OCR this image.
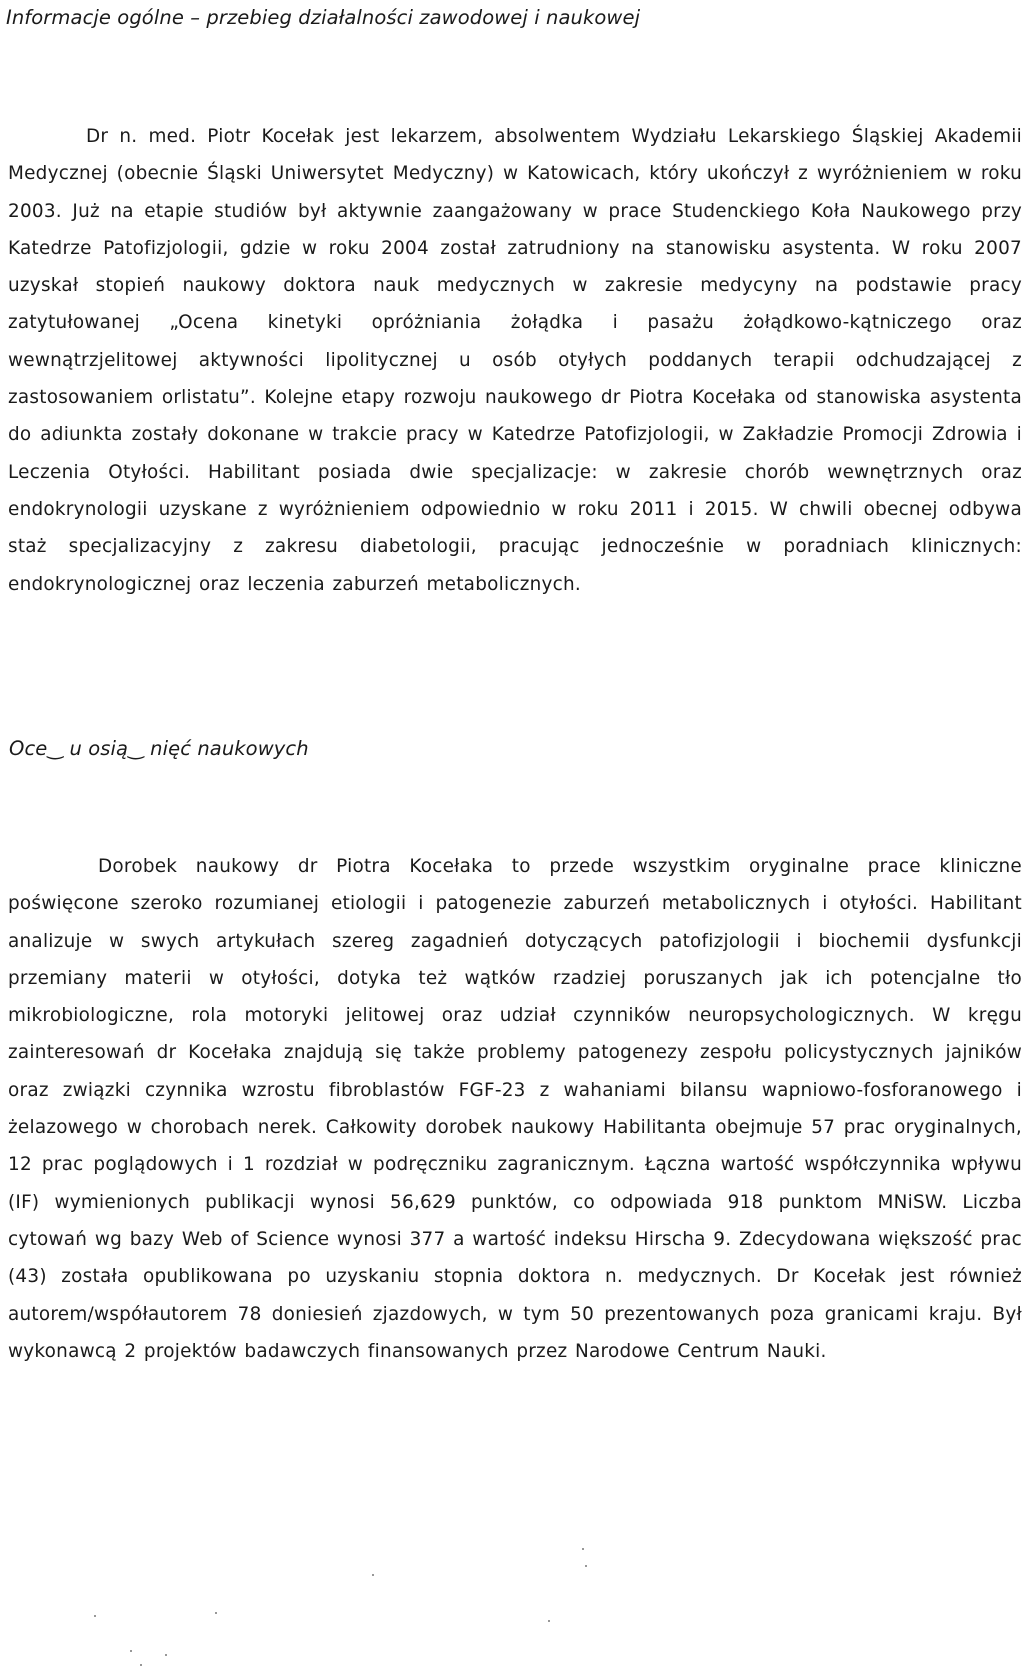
Informacje ogólne – przebieg działalności zawodowej i naukowej

Dr n. med. Piotr Kocełak jest lekarzem, absolwentem Wydziału Lekarskiego Śląskiej Akademii Medycznej (obecnie Śląski Uniwersytet Medyczny) w Katowicach, który ukończył z wyróżnieniem w roku 2003. Już na etapie studiów był aktywnie zaangażowany w prace Studenckiego Koła Naukowego przy Katedrze Patofizjologii, gdzie w roku 2004 został zatrudniony na stanowisku asystenta. W roku 2007 uzyskał stopień naukowy doktora nauk medycznych w zakresie medycyny na podstawie pracy zatytułowanej „Ocena kinetyki opróżniania żołądka i pasażu żołądkowo-kątniczego oraz wewnątrzjelitowej aktywności lipolitycznej u osób otyłych poddanych terapii odchudzającej z zastosowaniem orlistatu”. Kolejne etapy rozwoju naukowego dr Piotra Kocełaka od stanowiska asystenta do adiunkta zostały dokonane w trakcie pracy w Katedrze Patofizjologii, w Zakładzie Promocji Zdrowia i Leczenia Otyłości. Habilitant posiada dwie specjalizacje: w zakresie chorób wewnętrznych oraz endokrynologii uzyskane z wyróżnieniem odpowiednio w roku 2011 i 2015. W chwili obecnej odbywa staż specjalizacyjny z zakresu diabetologii, pracując jednocześnie w poradniach klinicznych: endokrynologicznej oraz leczenia zaburzeń metabolicznych.

Oce‿ u osią‿ nięć naukowych

Dorobek naukowy dr Piotra Kocełaka to przede wszystkim oryginalne prace kliniczne poświęcone szeroko rozumianej etiologii i patogenezie zaburzeń metabolicznych i otyłości. Habilitant analizuje w swych artykułach szereg zagadnień dotyczących patofizjologii i biochemii dysfunkcji przemiany materii w otyłości, dotyka też wątków rzadziej poruszanych jak ich potencjalne tło mikrobiologiczne, rola motoryki jelitowej oraz udział czynników neuropsychologicznych. W kręgu zainteresowań dr Kocełaka znajdują się także problemy patogenezy zespołu policystycznych jajników oraz związki czynnika wzrostu fibroblastów FGF-23 z wahaniami bilansu wapniowo-fosforanowego i żelazowego w chorobach nerek. Całkowity dorobek naukowy Habilitanta obejmuje 57 prac oryginalnych, 12 prac poglądowych i 1 rozdział w podręczniku zagranicznym. Łączna wartość współczynnika wpływu (IF) wymienionych publikacji wynosi 56,629 punktów, co odpowiada 918 punktom MNiSW. Liczba cytowań wg bazy Web of Science wynosi 377 a wartość indeksu Hirscha 9. Zdecydowana większość prac (43) została opublikowana po uzyskaniu stopnia doktora n. medycznych. Dr Kocełak jest również autorem/współautorem 78 doniesień zjazdowych, w tym 50 prezentowanych poza granicami kraju. Był wykonawcą 2 projektów badawczych finansowanych przez Narodowe Centrum Nauki.
